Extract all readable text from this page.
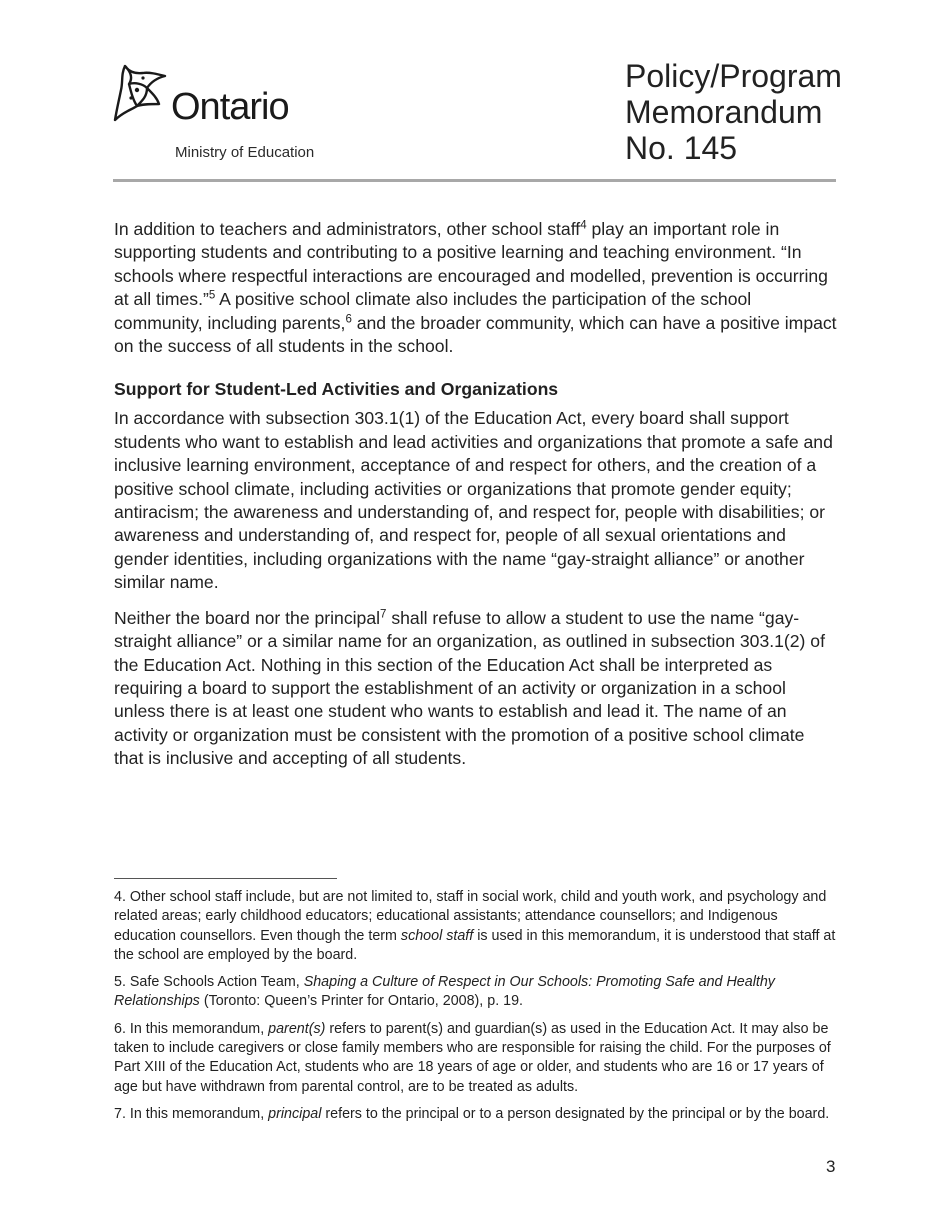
Ontario
Ministry of Education
Policy/Program
Memorandum
No. 145

In addition to teachers and administrators, other school staff$^4$ play an important role in supporting students and contributing to a positive learning and teaching environment. “In schools where respectful interactions are encouraged and modelled, prevention is occurring at all times.”$^5$ A positive school climate also includes the participation of the school community, including parents,$^6$ and the broader community, which can have a positive impact on the success of all students in the school.

Support for Student-Led Activities and Organizations

In accordance with subsection 303.1(1) of the Education Act, every board shall support students who want to establish and lead activities and organizations that promote a safe and inclusive learning environment, acceptance of and respect for others, and the creation of a positive school climate, including activities or organizations that promote gender equity; antiracism; the awareness and understanding of, and respect for, people with disabilities; or awareness and understanding of, and respect for, people of all sexual orientations and gender identities, including organizations with the name “gay-straight alliance” or another similar name.

Neither the board nor the principal$^7$ shall refuse to allow a student to use the name “gay-straight alliance” or a similar name for an organization, as outlined in subsection 303.1(2) of the Education Act. Nothing in this section of the Education Act shall be interpreted as requiring a board to support the establishment of an activity or organization in a school unless there is at least one student who wants to establish and lead it. The name of an activity or organization must be consistent with the promotion of a positive school climate that is inclusive and accepting of all students.

4. Other school staff include, but are not limited to, staff in social work, child and youth work, and psychology and related areas; early childhood educators; educational assistants; attendance counsellors; and Indigenous education counsellors. Even though the term school staff is used in this memorandum, it is understood that staff at the school are employed by the board.

5. Safe Schools Action Team, Shaping a Culture of Respect in Our Schools: Promoting Safe and Healthy Relationships (Toronto: Queen’s Printer for Ontario, 2008), p. 19.

6. In this memorandum, parent(s) refers to parent(s) and guardian(s) as used in the Education Act. It may also be taken to include caregivers or close family members who are responsible for raising the child. For the purposes of Part XIII of the Education Act, students who are 18 years of age or older, and students who are 16 or 17 years of age but have withdrawn from parental control, are to be treated as adults.

7. In this memorandum, principal refers to the principal or to a person designated by the principal or by the board.

3
